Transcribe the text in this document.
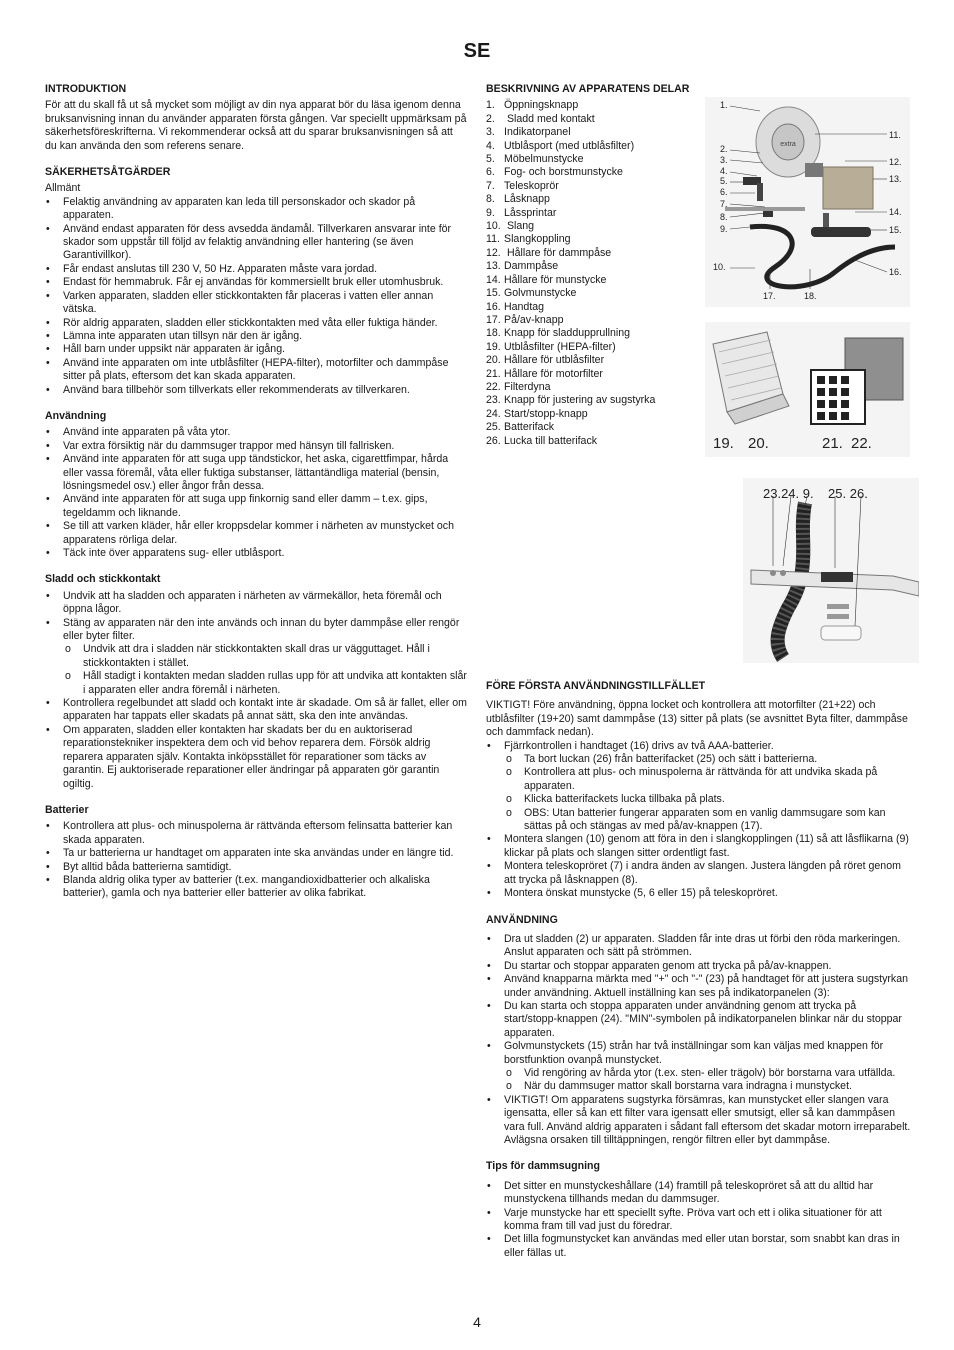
SE
INTRODUKTION

För att du skall få ut så mycket som möjligt av din nya apparat bör du läsa igenom denna bruksanvisning innan du använder apparaten första gången. Var speciellt uppmärksam på säkerhetsföreskrifterna. Vi rekommenderar också att du sparar bruksanvisningen så att du kan använda den som referens senare.

SÄKERHETSÅTGÄRDER

Allmänt

• Felaktig användning av apparaten kan leda till personskador och skador på apparaten.
• Använd endast apparaten för dess avsedda ändamål. Tillverkaren ansvarar inte för skador som uppstår till följd av felaktig användning eller hantering (se även Garantivillkor).
• Får endast anslutas till 230 V, 50 Hz. Apparaten måste vara jordad.
• Endast för hemmabruk. Får ej användas för kommersiellt bruk eller utomhusbruk.
• Varken apparaten, sladden eller stickkontakten får placeras i vatten eller annan vätska.
• Rör aldrig apparaten, sladden eller stickkontakten med våta eller fuktiga händer.
• Lämna inte apparaten utan tillsyn när den är igång.
• Håll barn under uppsikt när apparaten är igång.
• Använd inte apparaten om inte utblåsfilter (HEPA-filter), motorfilter och dammpåse sitter på plats, eftersom det kan skada apparaten.
• Använd bara tillbehör som tillverkats eller rekommenderats av tillverkaren.
Användning
• Använd inte apparaten på våta ytor.
• Var extra försiktig när du dammsuger trappor med hänsyn till fallrisken.
• Använd inte apparaten för att suga upp tändstickor, het aska, cigarettfimpar, hårda eller vassa föremål, våta eller fuktiga substanser, lättantändliga material (bensin, lösningsmedel osv.) eller ångor från dessa.
• Använd inte apparaten för att suga upp finkornig sand eller damm – t.ex. gips, tegeldamm och liknande.
• Se till att varken kläder, hår eller kroppsdelar kommer i närheten av munstycket och apparatens rörliga delar.
• Täck inte över apparatens sug- eller utblåsport.
Sladd och stickkontakt
• Undvik att ha sladden och apparaten i närheten av värmekällor, heta föremål och öppna lågor.
• Stäng av apparaten när den inte används och innan du byter dammpåse eller rengör eller byter filter.
o Undvik att dra i sladden när stickkontakten skall dras ur vägguttaget. Håll i stickkontakten i stället.
o Håll stadigt i kontakten medan sladden rullas upp för att undvika att kontakten slår i apparaten eller andra föremål i närheten.
• Kontrollera regelbundet att sladd och kontakt inte är skadade. Om så är fallet, eller om apparaten har tappats eller skadats på annat sätt, ska den inte användas.
• Om apparaten, sladden eller kontakten har skadats ber du en auktoriserad reparationstekniker inspektera dem och vid behov reparera dem. Försök aldrig reparera apparaten själv. Kontakta inköpsstället för reparationer som täcks av garantin. Ej auktoriserade reparationer eller ändringar på apparaten gör garantin ogiltig.
Batterier
• Kontrollera att plus- och minuspolerna är rättvända eftersom felinsatta batterier kan skada apparaten.
• Ta ur batterierna ur handtaget om apparaten inte ska användas under en längre tid.
• Byt alltid båda batterierna samtidigt.
• Blanda aldrig olika typer av batterier (t.ex. mangandioxidbatterier och alkaliska batterier), gamla och nya batterier eller batterier av olika fabrikat.
BESKRIVNING AV APPARATENS DELAR
1. Öppningsknapp
2. Sladd med kontakt
3. Indikatorpanel
4. Utblåsport (med utblåsfilter)
5. Möbelmunstycke
6. Fog- och borstmunstycke
7. Teleskoprör
8. Låsknapp
9. Låssprintar
10. Slang
11. Slangkoppling
12. Hållare för dammpåse
13. Dammpåse
14. Hållare för munstycke
15. Golvmunstycke
16. Handtag
17. På/av-knapp
18. Knapp för sladdupprullning
19. Utblåsfilter (HEPA-filter)
20. Hållare för utblåsfilter
21. Hållare för motorfilter
22. Filterdyna
23. Knapp för justering av sugstyrka
24. Start/stopp-knapp
25. Batterifack
26. Lucka till batterifack
extra
1.
2.
3.
4.
5.
6.
7.
8.
9.
10.
11.
12.
13.
14.
15.
16.
17.	18.
19. 20.	21. 22.
23.24. 9.    25. 26.
FÖRE FÖRSTA ANVÄNDNINGSTILLFÄLLET

VIKTIGT! Före användning, öppna locket och kontrollera att motorfilter (21+22) och utblåsfilter (19+20) samt dammpåse (13) sitter på plats (se avsnittet Byta filter, dammpåse och dammfack nedan).

• Fjärrkontrollen i handtaget (16) drivs av två AAA-batterier.
o Ta bort luckan (26) från batterifacket (25) och sätt i batterierna.
o Kontrollera att plus- och minuspolerna är rättvända för att undvika skada på apparaten.
o Klicka batterifackets lucka tillbaka på plats.
o OBS: Utan batterier fungerar apparaten som en vanlig dammsugare som kan sättas på och stängas av med på/av-knappen (17).
• Montera slangen (10) genom att föra in den i slangkopplingen (11) så att låsflikarna (9) klickar på plats och slangen sitter ordentligt fast.
• Montera teleskopröret (7) i andra änden av slangen. Justera längden på röret genom att trycka på låsknappen (8).
• Montera önskat munstycke (5, 6 eller 15) på teleskopröret.
ANVÄNDNING
• Dra ut sladden (2) ur apparaten. Sladden får inte dras ut förbi den röda markeringen. Anslut apparaten och sätt på strömmen.
• Du startar och stoppar apparaten genom att trycka på på/av-knappen.
• Använd knapparna märkta med "+" och "-" (23) på handtaget för att justera sugstyrkan under användning. Aktuell inställning kan ses på indikatorpanelen (3):
• Du kan starta och stoppa apparaten under användning genom att trycka på start/stopp-knappen (24). "MIN"-symbolen på indikatorpanelen blinkar när du stoppar apparaten.
• Golvmunstyckets (15) strån har två inställningar som kan väljas med knappen för borstfunktion ovanpå munstycket.
o Vid rengöring av hårda ytor (t.ex. sten- eller trägolv) bör borstarna vara utfällda.
o När du dammsuger mattor skall borstarna vara indragna i munstycket.
• VIKTIGT! Om apparatens sugstyrka försämras, kan munstycket eller slangen vara igensatta, eller så kan ett filter vara igensatt eller smutsigt, eller så kan dammpåsen vara full. Använd aldrig apparaten i sådant fall eftersom det skadar motorn irreparabelt. Avlägsna orsaken till tilltäppningen, rengör filtren eller byt dammpåse.
Tips för dammsugning
• Det sitter en munstyckeshållare (14) framtill på teleskopröret så att du alltid har munstyckena tillhands medan du dammsuger.
• Varje munstycke har ett speciellt syfte. Pröva vart och ett i olika situationer för att komma fram till vad just du föredrar.
• Det lilla fogmunstycket kan användas med eller utan borstar, som snabbt kan dras in eller fällas ut.
4
